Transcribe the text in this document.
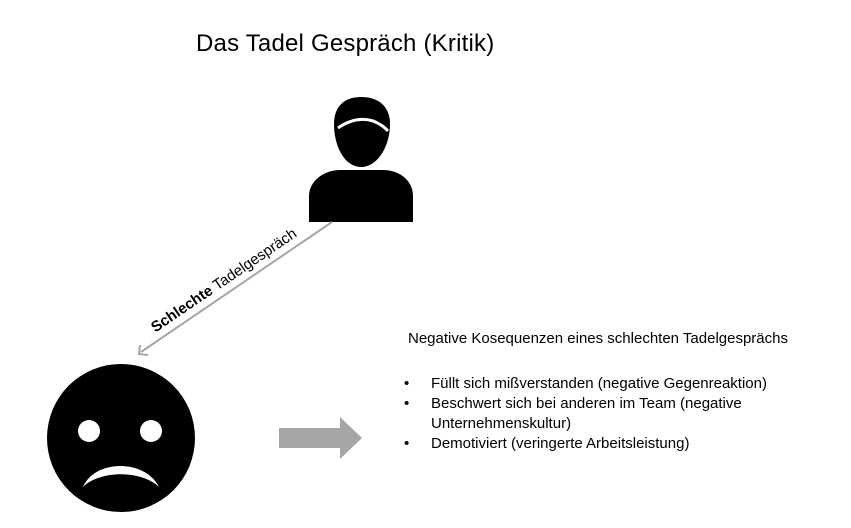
Das Tadel Gespräch (Kritik)
Schlechte Tadelgespräch
Negative Kosequenzen eines schlechten Tadelgesprächs
• Füllt sich mißverstanden (negative Gegenreaktion)
• Beschwert sich bei anderen im Team (negative Unternehmenskultur)
• Demotiviert (veringerte Arbeitsleistung)
